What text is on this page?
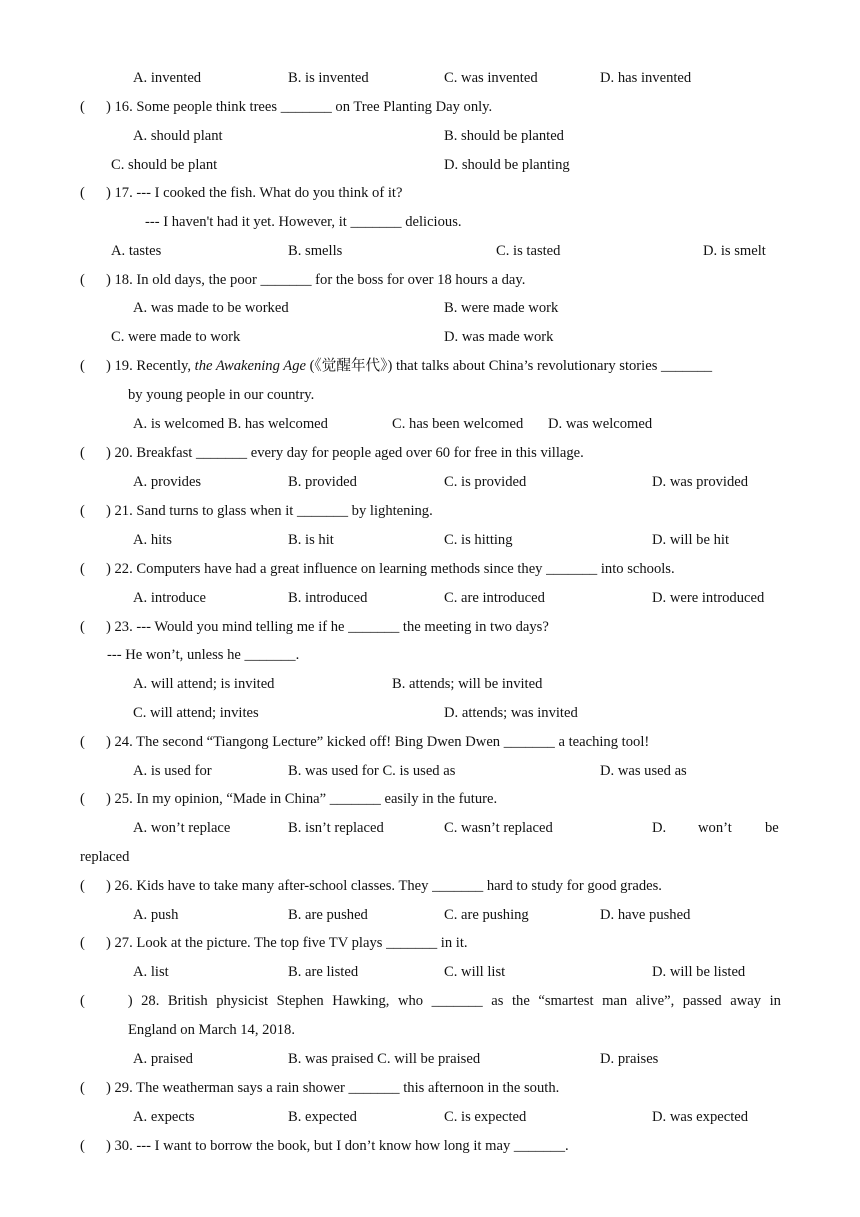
A. invented	B. is invented	C. was invented	D. has invented
( ) 16. Some people think trees _______ on Tree Planting Day only.
A. should plant	B. should be planted
C. should be plant	D. should be planting
( ) 17. --- I cooked the fish. What do you think of it?
--- I haven't had it yet. However, it _______ delicious.
A. tastes	B. smells	C. is tasted	D. is smelt
( ) 18. In old days, the poor _______ for the boss for over 18 hours a day.
A. was made to be worked	B. were made work
C. were made to work	D. was made work
( ) 19. Recently, the Awakening Age (《觉醒年代》) that talks about China’s revolutionary stories _______
by young people in our country.
A. is welcomed B. has welcomed	C. has been welcomed D. was welcomed
( ) 20. Breakfast _______ every day for people aged over 60 for free in this village.
A. provides	B. provided	C. is provided	D. was provided
( ) 21. Sand turns to glass when it _______ by lightening.
A. hits	B. is hit	C. is hitting	D. will be hit
( ) 22. Computers have had a great influence on learning methods since they _______ into schools.
A. introduce	B. introduced	C. are introduced	D. were introduced
( ) 23. --- Would you mind telling me if he _______ the meeting in two days?
--- He won’t, unless he _______.
A. will attend; is invited	B. attends; will be invited
C. will attend; invites	D. attends; was invited
( ) 24. The second “Tiangong Lecture” kicked off! Bing Dwen Dwen _______ a teaching tool!
A. is used for	B. was used for C. is used as	D. was used as
( ) 25. In my opinion, “Made in China” _______ easily in the future.
A. won’t replace	B. isn’t replaced	C. wasn’t replaced	D. won’t be
replaced
( ) 26. Kids have to take many after-school classes. They _______ hard to study for good grades.
A. push	B. are pushed	C. are pushing	D. have pushed
( ) 27. Look at the picture. The top five TV plays _______ in it.
A. list	B. are listed	C. will list	D. will be listed
(	) 28. British physicist Stephen Hawking, who _______ as the “smartest man alive”, passed away in
England on March 14, 2018.
A. praised	B. was praised C. will be praised	D. praises
( ) 29. The weatherman says a rain shower _______ this afternoon in the south.
A. expects	B. expected	C. is expected	D. was expected
( ) 30. --- I want to borrow the book, but I don’t know how long it may _______.
